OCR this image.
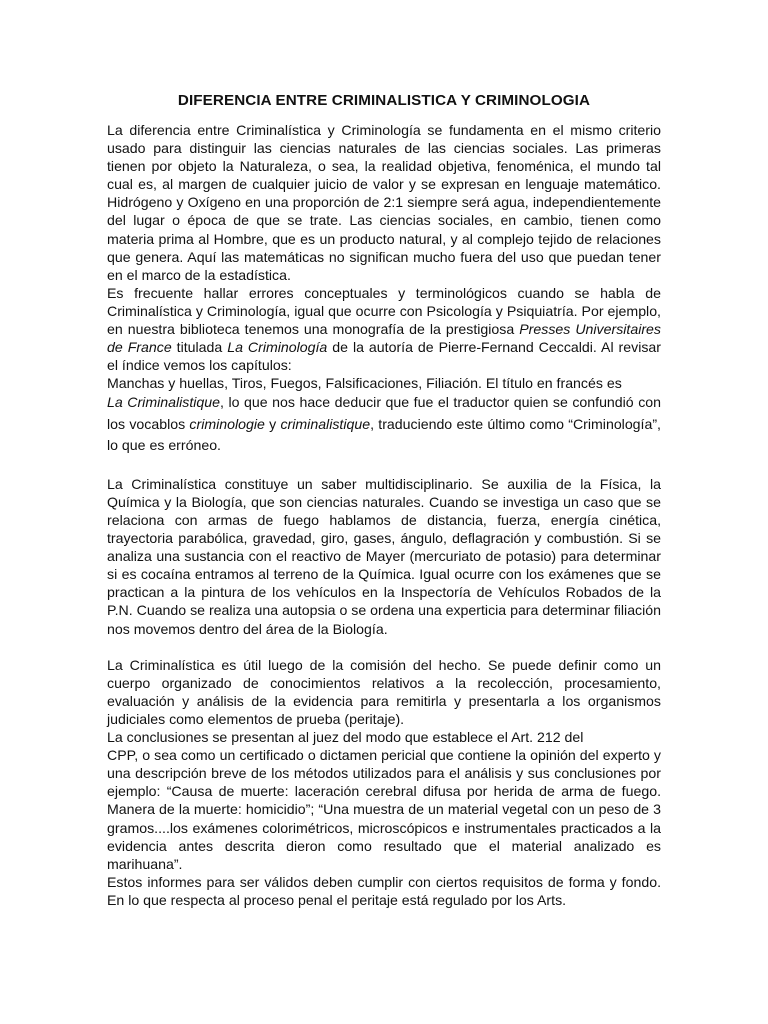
DIFERENCIA ENTRE CRIMINALISTICA Y CRIMINOLOGIA

La diferencia entre Criminalística y Criminología se fundamenta en el mismo criterio usado para distinguir las ciencias naturales de las ciencias sociales. Las primeras tienen por objeto la Naturaleza, o sea, la realidad objetiva, fenoménica, el mundo tal cual es, al margen de cualquier juicio de valor y se expresan en lenguaje matemático. Hidrógeno y Oxígeno en una proporción de 2:1 siempre será agua, independientemente del lugar o época de que se trate. Las ciencias sociales, en cambio, tienen como materia prima al Hombre, que es un producto natural, y al complejo tejido de relaciones que genera. Aquí las matemáticas no significan mucho fuera del uso que puedan tener en el marco de la estadística.

Es frecuente hallar errores conceptuales y terminológicos cuando se habla de Criminalística y Criminología, igual que ocurre con Psicología y Psiquiatría. Por ejemplo, en nuestra biblioteca tenemos una monografía de la prestigiosa Presses Universitaires de France titulada La Criminología de la autoría de Pierre-Fernand Ceccaldi. Al revisar el índice vemos los capítulos:

Manchas y huellas, Tiros, Fuegos, Falsificaciones, Filiación. El título en francés es
La Criminalistique, lo que nos hace deducir que fue el traductor quien se confundió con los vocablos criminologie y criminalistique, traduciendo este último como “Criminología”, lo que es erróneo.

La Criminalística constituye un saber multidisciplinario. Se auxilia de la Física, la Química y la Biología, que son ciencias naturales. Cuando se investiga un caso que se relaciona con armas de fuego hablamos de distancia, fuerza, energía cinética, trayectoria parabólica, gravedad, giro, gases, ángulo, deflagración y combustión. Si se analiza una sustancia con el reactivo de Mayer (mercuriato de potasio) para determinar si es cocaína entramos al terreno de la Química. Igual ocurre con los exámenes que se practican a la pintura de los vehículos en la Inspectoría de Vehículos Robados de la P.N. Cuando se realiza una autopsia o se ordena una experticia para determinar filiación nos movemos dentro del área de la Biología.

La Criminalística es útil luego de la comisión del hecho. Se puede definir como un cuerpo organizado de conocimientos relativos a la recolección, procesamiento, evaluación y análisis de la evidencia para remitirla y presentarla a los organismos judiciales como elementos de prueba (peritaje).

La conclusiones se presentan al juez del modo que establece el Art. 212 del

CPP, o sea como un certificado o dictamen pericial que contiene la opinión del experto y una descripción breve de los métodos utilizados para el análisis y sus conclusiones por ejemplo: “Causa de muerte: laceración cerebral difusa por herida de arma de fuego. Manera de la muerte: homicidio”; “Una muestra de un material vegetal con un peso de 3 gramos....los exámenes colorimétricos, microscópicos e instrumentales practicados a la evidencia antes descrita dieron como resultado que el material analizado es marihuana”.

Estos informes para ser válidos deben cumplir con ciertos requisitos de forma y fondo. En lo que respecta al proceso penal el peritaje está regulado por los Arts.
